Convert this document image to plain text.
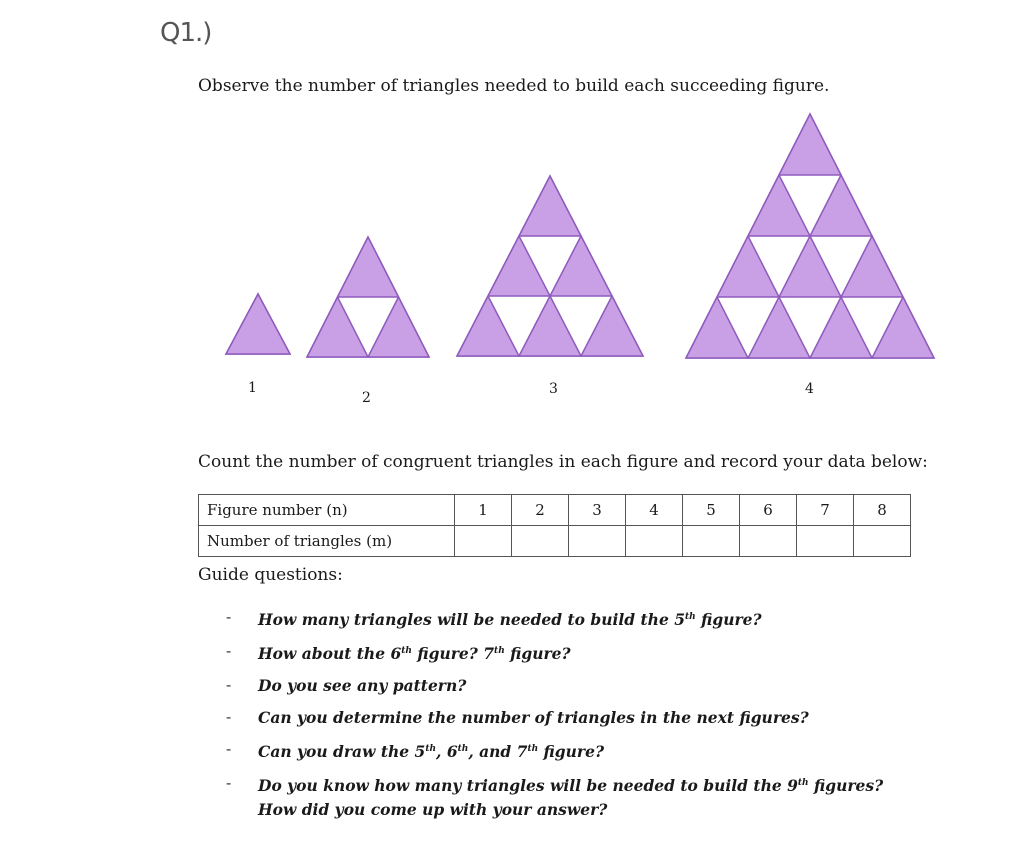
Q1.)
Observe the number of triangles needed to build each succeeding figure.
1
2
3	4
Count the number of congruent triangles in each figure and record your data below:
Figure number (n)	1	2	3	4	5	6	7	8
Number of triangles (m)								
Guide questions:
- How many triangles will be needed to build the 5th figure?
- How about the 6th figure? 7th figure?
- Do you see any pattern?
- Can you determine the number of triangles in the next figures?
- Can you draw the 5th, 6th, and 7th figure?
- Do you know how many triangles will be needed to build the 9th figures? How did you come up with your answer?
